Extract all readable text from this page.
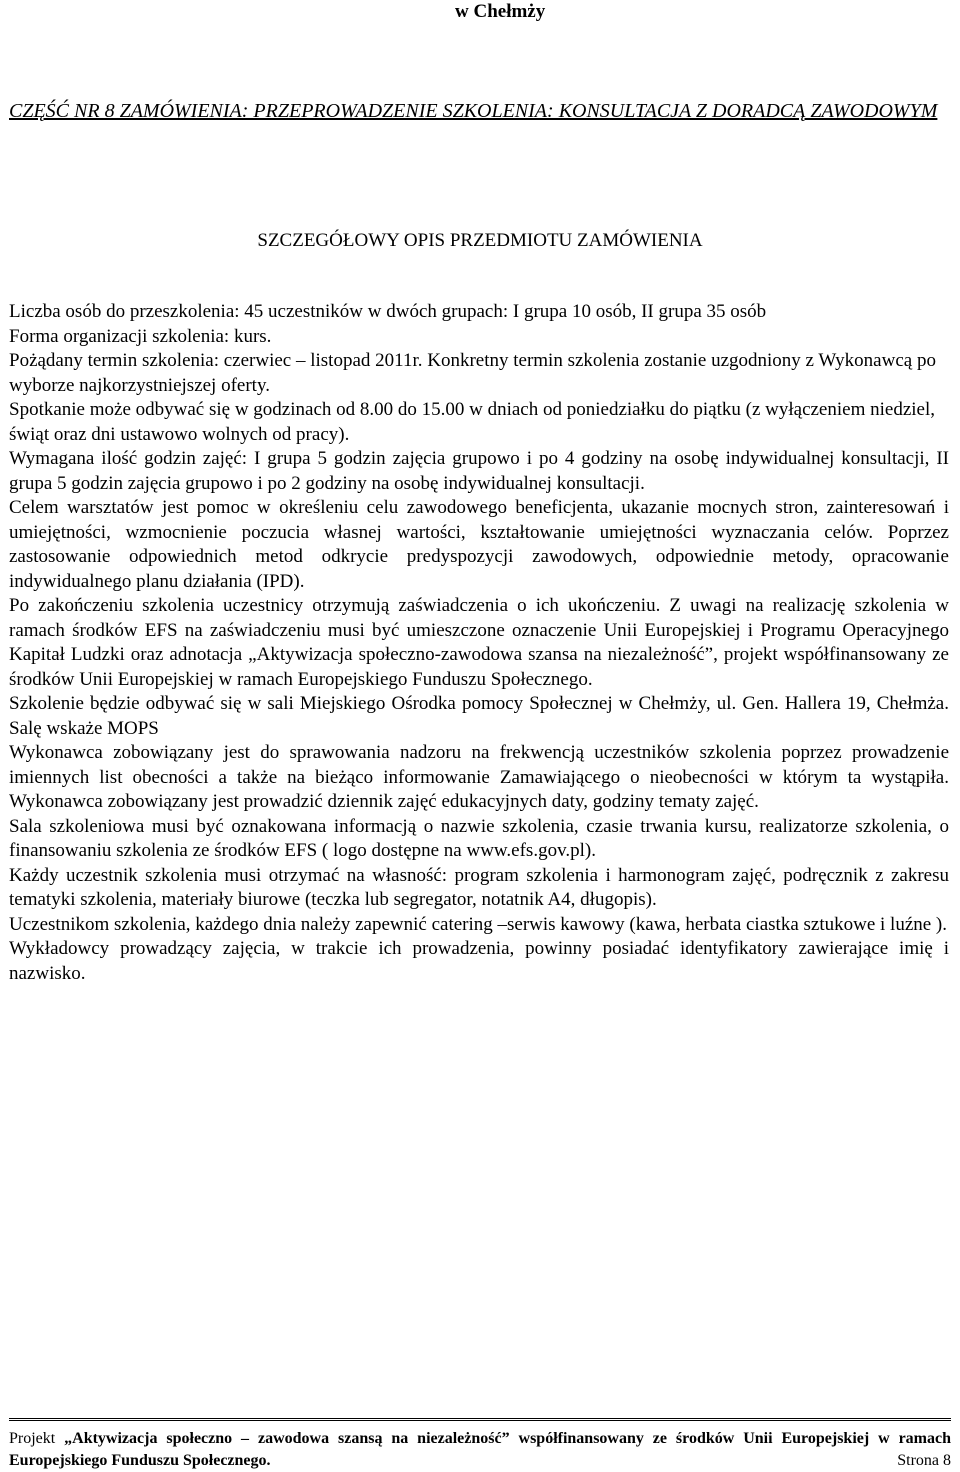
w Chełmży
CZĘŚĆ NR 8 ZAMÓWIENIA: PRZEPROWADZENIE SZKOLENIA: KONSULTACJA Z DORADCĄ ZAWODOWYM
SZCZEGÓŁOWY OPIS PRZEDMIOTU ZAMÓWIENIA

Liczba osób do przeszkolenia: 45 uczestników w dwóch grupach: I grupa 10 osób, II grupa 35 osób

Forma organizacji szkolenia: kurs.

Pożądany termin szkolenia: czerwiec – listopad 2011r. Konkretny termin szkolenia zostanie uzgodniony z Wykonawcą po wyborze najkorzystniejszej oferty.

Spotkanie może odbywać się w godzinach od 8.00 do 15.00 w dniach od poniedziałku do piątku (z wyłączeniem niedziel, świąt oraz dni ustawowo wolnych od pracy).

Wymagana ilość godzin zajęć: I grupa 5 godzin zajęcia grupowo i po 4 godziny na osobę indywidualnej konsultacji, II grupa 5 godzin zajęcia grupowo i po 2 godziny na osobę indywidualnej konsultacji.

Celem warsztatów jest pomoc w określeniu celu zawodowego beneficjenta, ukazanie mocnych stron, zainteresowań i umiejętności, wzmocnienie poczucia własnej wartości, kształtowanie umiejętności wyznaczania celów. Poprzez zastosowanie odpowiednich metod odkrycie predyspozycji zawodowych, odpowiednie metody, opracowanie indywidualnego planu działania (IPD).

Po zakończeniu szkolenia uczestnicy otrzymują zaświadczenia o ich ukończeniu. Z uwagi na realizację szkolenia w ramach środków EFS na zaświadczeniu musi być umieszczone oznaczenie Unii Europejskiej i Programu Operacyjnego Kapitał Ludzki oraz adnotacja „Aktywizacja społeczno-zawodowa szansa na niezależność”, projekt współfinansowany ze środków Unii Europejskiej w ramach Europejskiego Funduszu Społecznego.

Szkolenie będzie odbywać się w sali Miejskiego Ośrodka pomocy Społecznej w Chełmży, ul. Gen. Hallera 19, Chełmża. Salę wskaże MOPS

Wykonawca zobowiązany jest do sprawowania nadzoru na frekwencją uczestników szkolenia poprzez prowadzenie imiennych list obecności a także na bieżąco informowanie Zamawiającego o nieobecności w którym ta wystąpiła. Wykonawca zobowiązany jest prowadzić dziennik zajęć edukacyjnych daty, godziny tematy zajęć.

Sala szkoleniowa musi być oznakowana informacją o nazwie szkolenia, czasie trwania kursu, realizatorze szkolenia, o finansowaniu szkolenia ze środków EFS ( logo dostępne na www.efs.gov.pl).

Każdy uczestnik szkolenia musi otrzymać na własność: program szkolenia i harmonogram zajęć, podręcznik z zakresu tematyki szkolenia, materiały biurowe (teczka lub segregator, notatnik A4, długopis).

Uczestnikom szkolenia, każdego dnia należy zapewnić catering –serwis kawowy (kawa, herbata ciastka sztukowe i luźne ).

Wykładowcy prowadzący zajęcia, w trakcie ich prowadzenia, powinny posiadać identyfikatory zawierające imię i nazwisko.

Projekt „Aktywizacja społeczno – zawodowa szansą na niezależność” współfinansowany ze środków Unii Europejskiej w ramach
Europejskiego Funduszu Społecznego.	Strona 8
